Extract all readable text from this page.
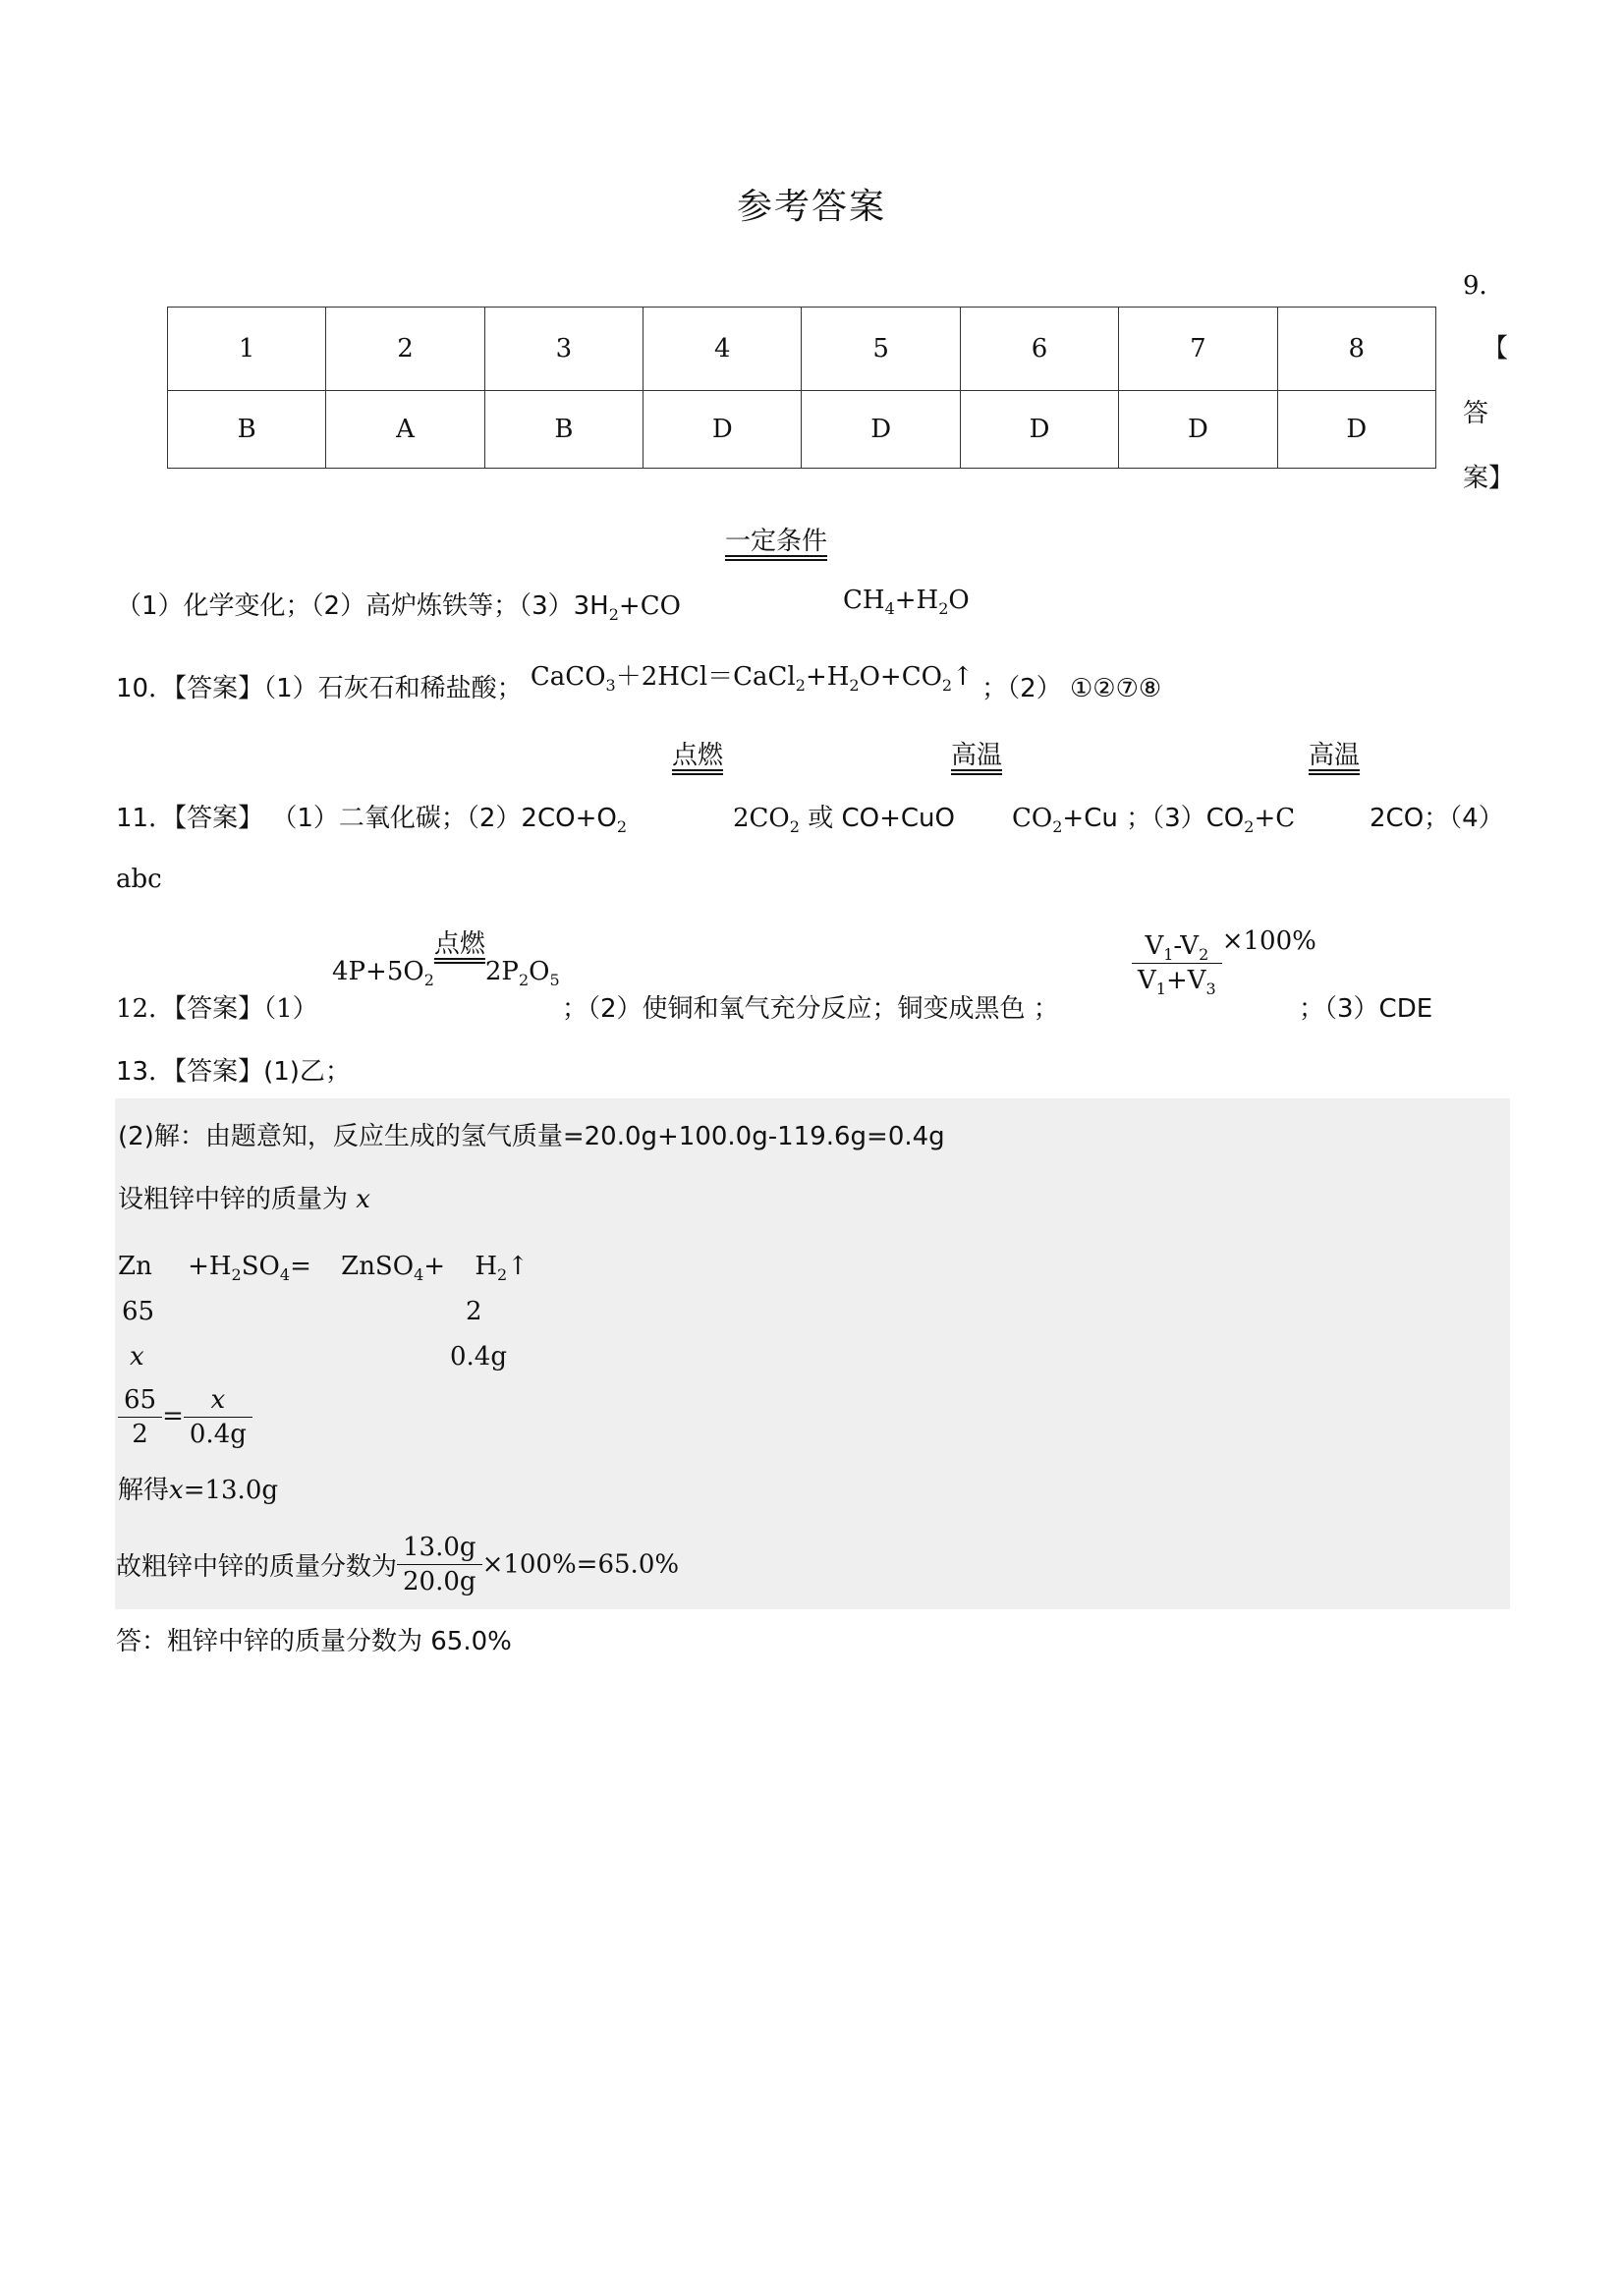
参考答案
1	2	3	4	5	6	7	8
B	A	B	D	D	D	D	D
9．
【
答
案】
一定条件
（1）化学变化；（2）高炉炼铁等；$(3)3H_2+CO$	$CH_4+H_2O$
10．【答案】（1）石灰石和稀盐酸； $CaCO_3+2HCl=CaCl_2+H_2O+CO_2↑$ ；（2） ①②⑦⑧
点燃	高温	高温
11．【答案】 （1）二氧化碳；$(2)2CO+O_2$	$2CO_2$ 或 CO+CuO $CO_2+Cu$ ；$(3)CO_2+C$	2CO；（4）
abc
$4P+5O_2$点燃$2P_2O_5$
12．【答案】（1）	；（2）使铜和氧气充分反应；铜变成黑色 ；
$\frac{V_1-V_2}{V_1+V_3} \times 100\%$
；（3）CDE
13．【答案】(1)乙；
(2)解：由题意知，反应生成的氢气质量=20.0g+100.0g-119.6g=0.4g
设粗锌中锌的质量为 x
$Zn +H_2SO_4=$ ZnSO$_4$+ $H_2↑$
65	2
x	0.4g
$\frac{65}{2} = \frac{x}{0.4g}$
解得x=13.0g
故粗锌中锌的质量分数为 $\frac{13.0g}{20.0g} \times 100\%=65.0\%$
答：粗锌中锌的质量分数为 65.0%
